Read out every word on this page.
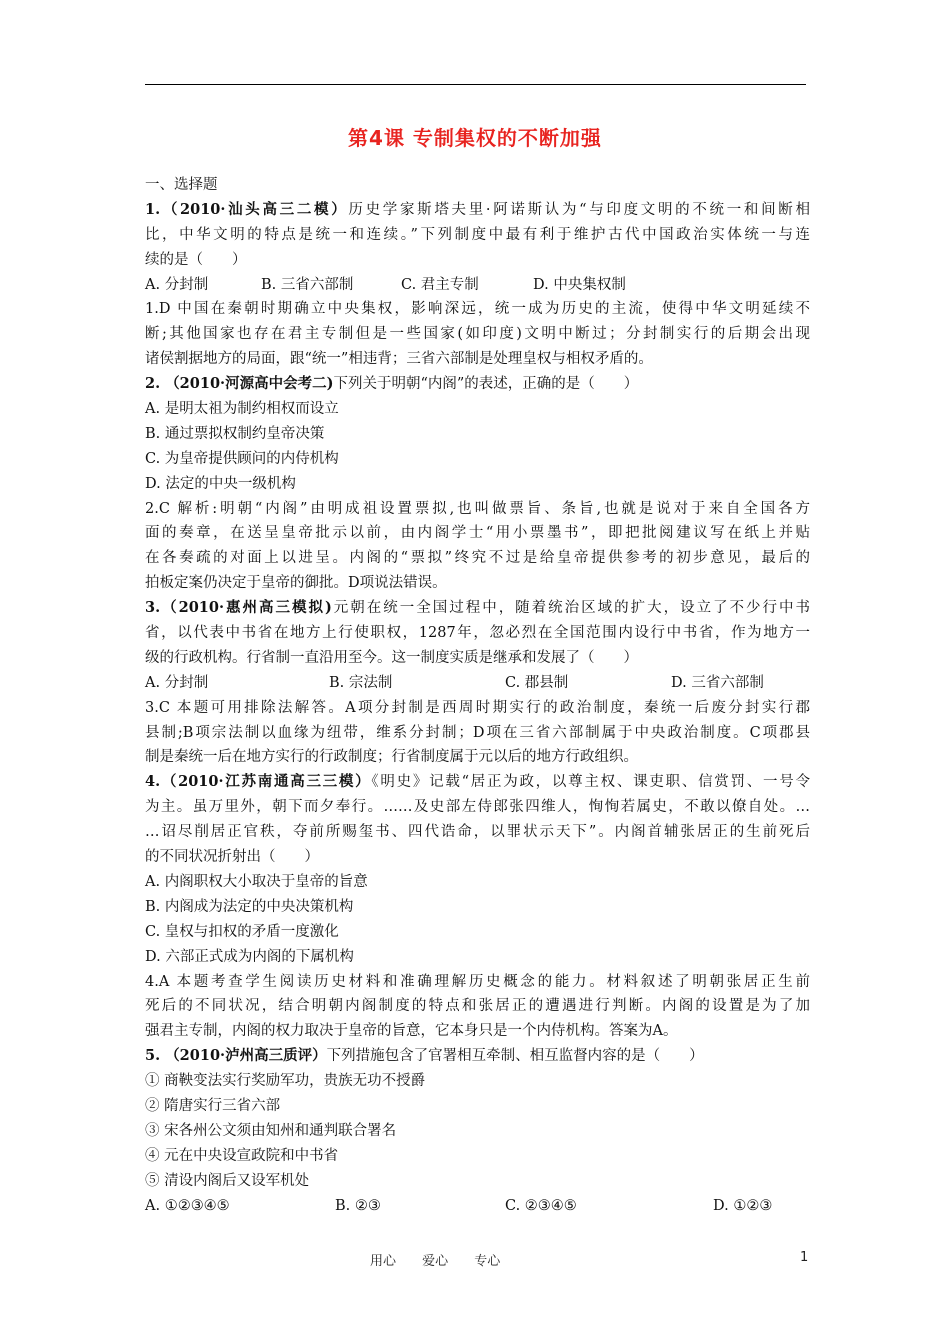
第4课 专制集权的不断加强
一、选择题
1.（2010·汕头高三二模）历史学家斯塔夫里·阿诺斯认为“与印度文明的不统一和间断相
比，中华文明的特点是统一和连续。”下列制度中最有利于维护古代中国政治实体统一与连
续的是（　　）
A. 分封制	B. 三省六部制	C. 君主专制	D. 中央集权制
1.D 中国在秦朝时期确立中央集权，影响深远，统一成为历史的主流，使得中华文明延续不
断;其他国家也存在君主专制但是一些国家(如印度)文明中断过；分封制实行的后期会出现
诸侯割据地方的局面，跟“统一”相违背；三省六部制是处理皇权与相权矛盾的。
2. （2010·河源高中会考二)下列关于明朝“内阁”的表述，正确的是（　　）
A. 是明太祖为制约相权而设立
B. 通过票拟权制约皇帝决策
C. 为皇帝提供顾问的内侍机构
D. 法定的中央一级机构
2.C 解析:明朝“内阁”由明成祖设置票拟,也叫做票旨、条旨,也就是说对于来自全国各方
面的奏章，在送呈皇帝批示以前，由内阁学士“用小票墨书”，即把批阅建议写在纸上并贴
在各奏疏的对面上以进呈。内阁的“票拟”终究不过是给皇帝提供参考的初步意见，最后的
拍板定案仍决定于皇帝的御批。D项说法错误。
3.（2010·惠州高三模拟)元朝在统一全国过程中，随着统治区域的扩大，设立了不少行中书
省，以代表中书省在地方上行使职权，1287年，忽必烈在全国范围内设行中书省，作为地方一
级的行政机构。行省制一直沿用至今。这一制度实质是继承和发展了（　　）
A. 分封制	B. 宗法制	C. 郡县制	D. 三省六部制
3.C 本题可用排除法解答。A项分封制是西周时期实行的政治制度，秦统一后废分封实行郡
县制;B项宗法制以血缘为纽带，维系分封制；D项在三省六部制属于中央政治制度。C项郡县
制是秦统一后在地方实行的行政制度；行省制度属于元以后的地方行政组织。
4.（2010·江苏南通高三三模）《明史》记载“居正为政，以尊主权、课吏职、信赏罚、一号令
为主。虽万里外，朝下而夕奉行。……及史部左侍郎张四维人，恂恂若属史，不敢以僚自处。…
…诏尽削居正官秩，夺前所赐玺书、四代诰命，以罪状示天下”。内阁首辅张居正的生前死后
的不同状况折射出（　　）
A. 内阁职权大小取决于皇帝的旨意
B. 内阁成为法定的中央决策机构
C. 皇权与扣权的矛盾一度激化
D. 六部正式成为内阁的下属机构
4.A 本题考查学生阅读历史材料和准确理解历史概念的能力。材料叙述了明朝张居正生前
死后的不同状况，结合明朝内阁制度的特点和张居正的遭遇进行判断。内阁的设置是为了加
强君主专制，内阁的权力取决于皇帝的旨意，它本身只是一个内侍机构。答案为A。
5. （2010·泸州高三质评）下列措施包含了官署相互牵制、相互监督内容的是（　　）
① 商鞅变法实行奖励军功，贵族无功不授爵
② 隋唐实行三省六部
③ 宋各州公文须由知州和通判联合署名
④ 元在中央设宣政院和中书省
⑤ 清设内阁后又设军机处
A. ①②③④⑤	B. ②③	C. ②③④⑤	D. ①②③
用心 爱心 专心	1
